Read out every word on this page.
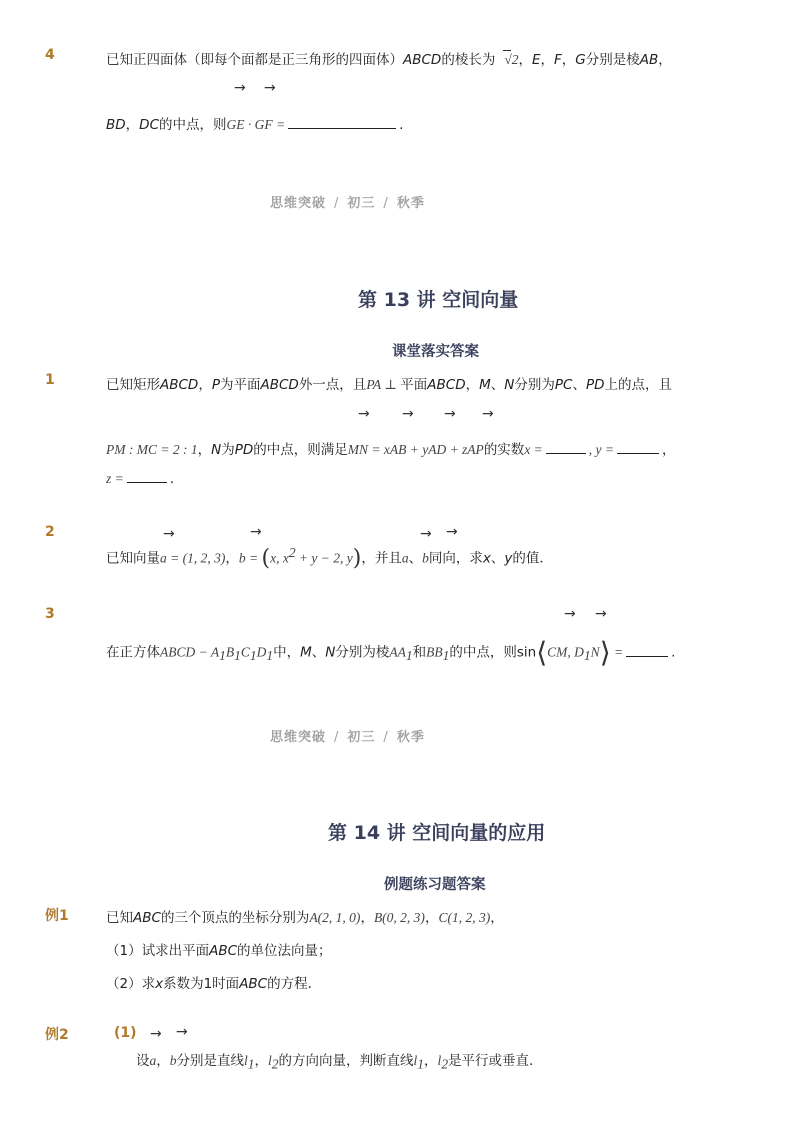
4	已知正四面体（即每个面都是正三角形的四面体）ABCD的棱长为 √
2，E，F，G分别是棱AB，
→ →
BD，DC的中点，则GE · GF =	.
思维突破 / 初三 / 秋季
第 13 讲 空间向量
课堂落实答案
1	已知矩形ABCD，P为平面ABCD外一点，且PA ⊥ 平面ABCD，M、N分别为PC、PD上的点，且
→ → → →
PM : MC = 2 : 1，N为PD的中点，则满足MN = xAB + yAD + zAP的实数x =	, y =	，
z =	.
2	→	→	→ →
已知向量a = (1, 2, 3)，b = (x, $x^2 + y - 2$, y)，并且a、b同向，求x、y的值．
3	→ →
在正方体ABCD − $A_1B_1C_1D_1$中，M、N分别为棱$AA_1$和$BB_1$的中点，则sin⟨CM, $D_1N⟩$ =	.
思维突破 / 初三 / 秋季
第 14 讲 空间向量的应用
例题练习题答案
例1	已知ABC的三个顶点的坐标分别为A(2, 1, 0)，B(0, 2, 3)，C(1, 2, 3)，
（1）试求出平面ABC的单位法向量；
（2）求x系数为1时面ABC的方程．
例2	(1) → →
设a，b分别是直线$l_1$，$l_2$的方向向量，判断直线$l_1$，$l_2$是平行或垂直．
